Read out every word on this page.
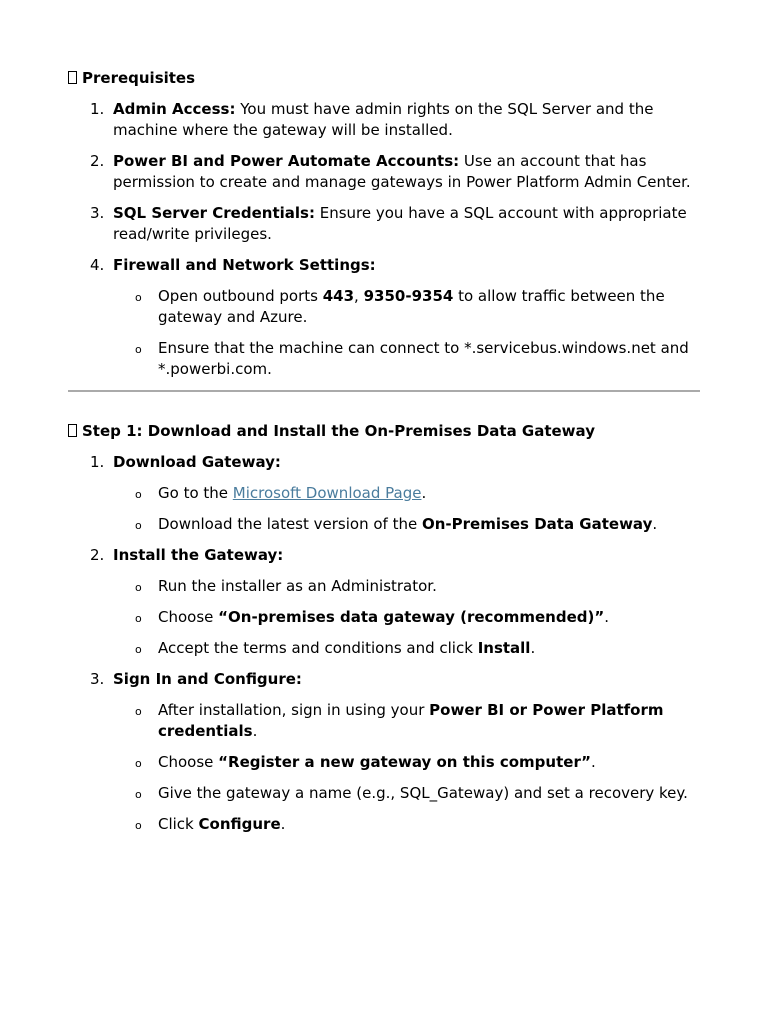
Prerequisites
1. Admin Access: You must have admin rights on the SQL Server and the machine where the gateway will be installed.
2. Power BI and Power Automate Accounts: Use an account that has permission to create and manage gateways in Power Platform Admin Center.
3. SQL Server Credentials: Ensure you have a SQL account with appropriate read/write privileges.
4. Firewall and Network Settings:
o Open outbound ports 443, 9350-9354 to allow traffic between the gateway and Azure.
o Ensure that the machine can connect to *.servicebus.windows.net and *.powerbi.com.
Step 1: Download and Install the On-Premises Data Gateway
1. Download Gateway:
o Go to the Microsoft Download Page.
o Download the latest version of the On-Premises Data Gateway.
2. Install the Gateway:
o Run the installer as an Administrator.
o Choose “On-premises data gateway (recommended)”.
o Accept the terms and conditions and click Install.
3. Sign In and Configure:
o After installation, sign in using your Power BI or Power Platform credentials.
o Choose “Register a new gateway on this computer”.
o Give the gateway a name (e.g., SQL_Gateway) and set a recovery key.
o Click Configure.
